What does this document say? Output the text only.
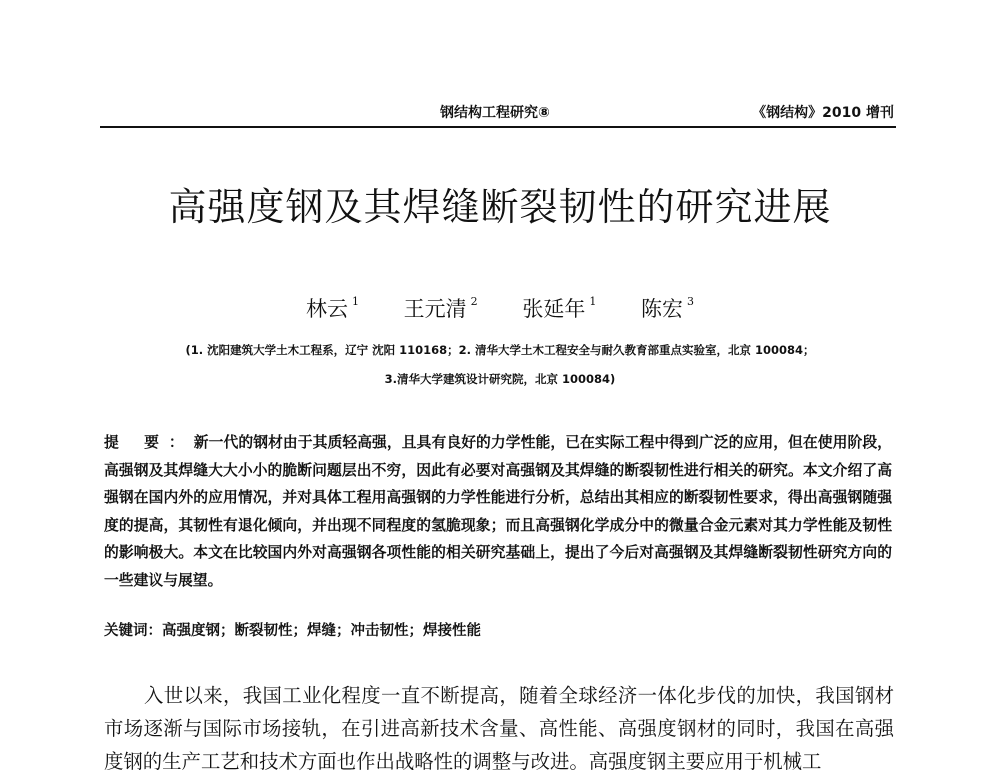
钢结构工程研究⑧	《钢结构》2010 增刊
高强度钢及其焊缝断裂韧性的研究进展
林云 $^1$ 王元清 $^2$ 张延年 $^1$ 陈宏 $^3$
(1. 沈阳建筑大学土木工程系，辽宁 沈阳 110168；2. 清华大学土木工程安全与耐久教育部重点实验室，北京 100084；
3.清华大学建筑设计研究院，北京 100084)
提 要：新一代的钢材由于其质轻高强，且具有良好的力学性能，已在实际工程中得到广泛的应用，但在使用阶段，高强钢及其焊缝大大小小的脆断问题层出不穷，因此有必要对高强钢及其焊缝的断裂韧性进行相关的研究。本文介绍了高强钢在国内外的应用情况，并对具体工程用高强钢的力学性能进行分析，总结出其相应的断裂韧性要求，得出高强钢随强度的提高，其韧性有退化倾向，并出现不同程度的氢脆现象；而且高强钢化学成分中的微量合金元素对其力学性能及韧性的影响极大。本文在比较国内外对高强钢各项性能的相关研究基础上，提出了今后对高强钢及其焊缝断裂韧性研究方向的一些建议与展望。
关键词：高强度钢；断裂韧性；焊缝；冲击韧性；焊接性能
入世以来，我国工业化程度一直不断提高，随着全球经济一体化步伐的加快，我国钢材市场逐渐与国际市场接轨，在引进高新技术含量、高性能、高强度钢材的同时，我国在高强度钢的生产工艺和技术方面也作出战略性的调整与改进。高强度钢主要应用于机械工
